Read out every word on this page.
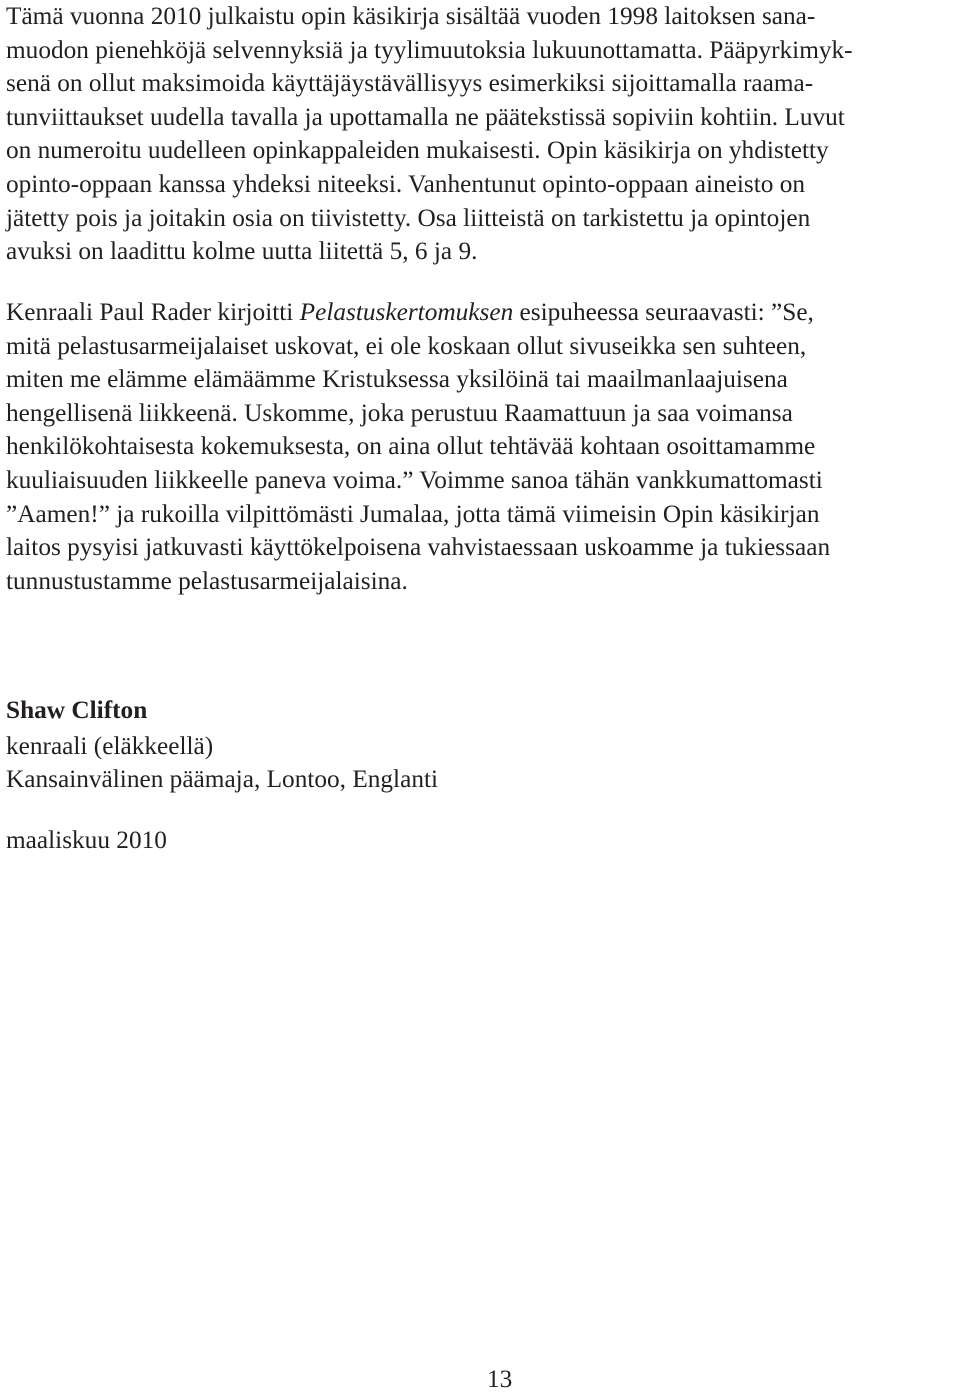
Tämä vuonna 2010 julkaistu opin käsikirja sisältää vuoden 1998 laitoksen sana-
muodon pienehköjä selvennyksiä ja tyylimuutoksia lukuunottamatta. Pääpyrkimyk-
senä on ollut maksimoida käyttäjäystävällisyys esimerkiksi sijoittamalla raama-
tunviittaukset uudella tavalla ja upottamalla ne päätekstissä sopiviin kohtiin. Luvut
on numeroitu uudelleen opinkappaleiden mukaisesti. Opin käsikirja on yhdistetty
opinto-oppaan kanssa yhdeksi niteeksi. Vanhentunut opinto-oppaan aineisto on
jätetty pois ja joitakin osia on tiivistetty. Osa liitteistä on tarkistettu ja opintojen
avuksi on laadittu kolme uutta liitettä 5, 6 ja 9.

Kenraali Paul Rader kirjoitti Pelastuskertomuksen esipuheessa seuraavasti: ”Se,
mitä pelastusarmeijalaiset uskovat, ei ole koskaan ollut sivuseikka sen suhteen,
miten me elämme elämäämme Kristuksessa yksilöinä tai maailmanlaajuisena
hengellisenä liikkeenä. Uskomme, joka perustuu Raamattuun ja saa voimansa
henkilökohtaisesta kokemuksesta, on aina ollut tehtävää kohtaan osoittamamme
kuuliaisuuden liikkeelle paneva voima.” Voimme sanoa tähän vankkumattomasti
”Aamen!” ja rukoilla vilpittömästi Jumalaa, jotta tämä viimeisin Opin käsikirjan
laitos pysyisi jatkuvasti käyttökelpoisena vahvistaessaan uskoamme ja tukiessaan
tunnustustamme pelastusarmeijalaisina.

Shaw Clifton

kenraali (eläkkeellä)

Kansainvälinen päämaja, Lontoo, Englanti

maaliskuu 2010

13
